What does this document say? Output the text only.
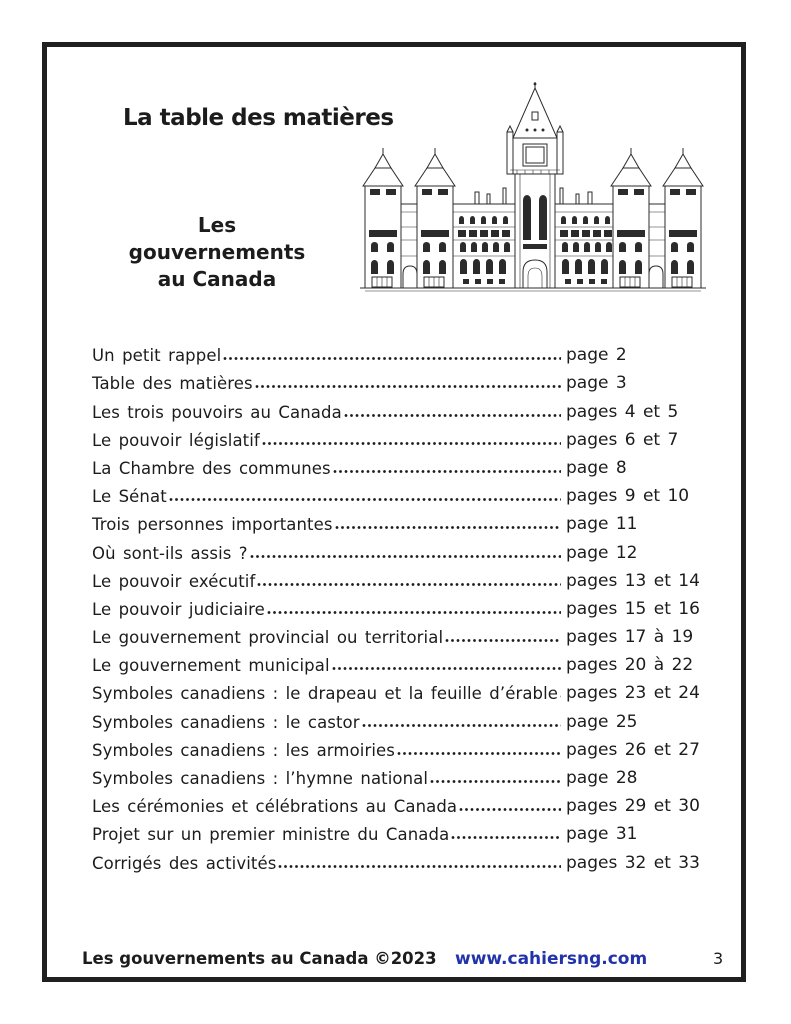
La table des matières
Les gouvernements
au Canada
Un petit rappel	page 2
Table des matières	page 3
Les trois pouvoirs au Canada	pages 4 et 5
Le pouvoir législatif	pages 6 et 7
La Chambre des communes	page 8
Le Sénat	pages 9 et 10
Trois personnes importantes	page 11
Où sont-ils assis ?	page 12
Le pouvoir exécutif	pages 13 et 14
Le pouvoir judiciaire	pages 15 et 16
Le gouvernement provincial ou territorial	pages 17 à 19
Le gouvernement municipal	pages 20 à 22
Symboles canadiens : le drapeau et la feuille d’érable pages 23 et 24
Symboles canadiens : le castor	page 25
Symboles canadiens : les armoiries	pages 26 et 27
Symboles canadiens : l’hymne national	page 28
Les cérémonies et célébrations au Canada	pages 29 et 30
Projet sur un premier ministre du Canada	page 31
Corrigés des activités	pages 32 et 33
Les gouvernements au Canada ©2023 www.cahiersng.com	3
